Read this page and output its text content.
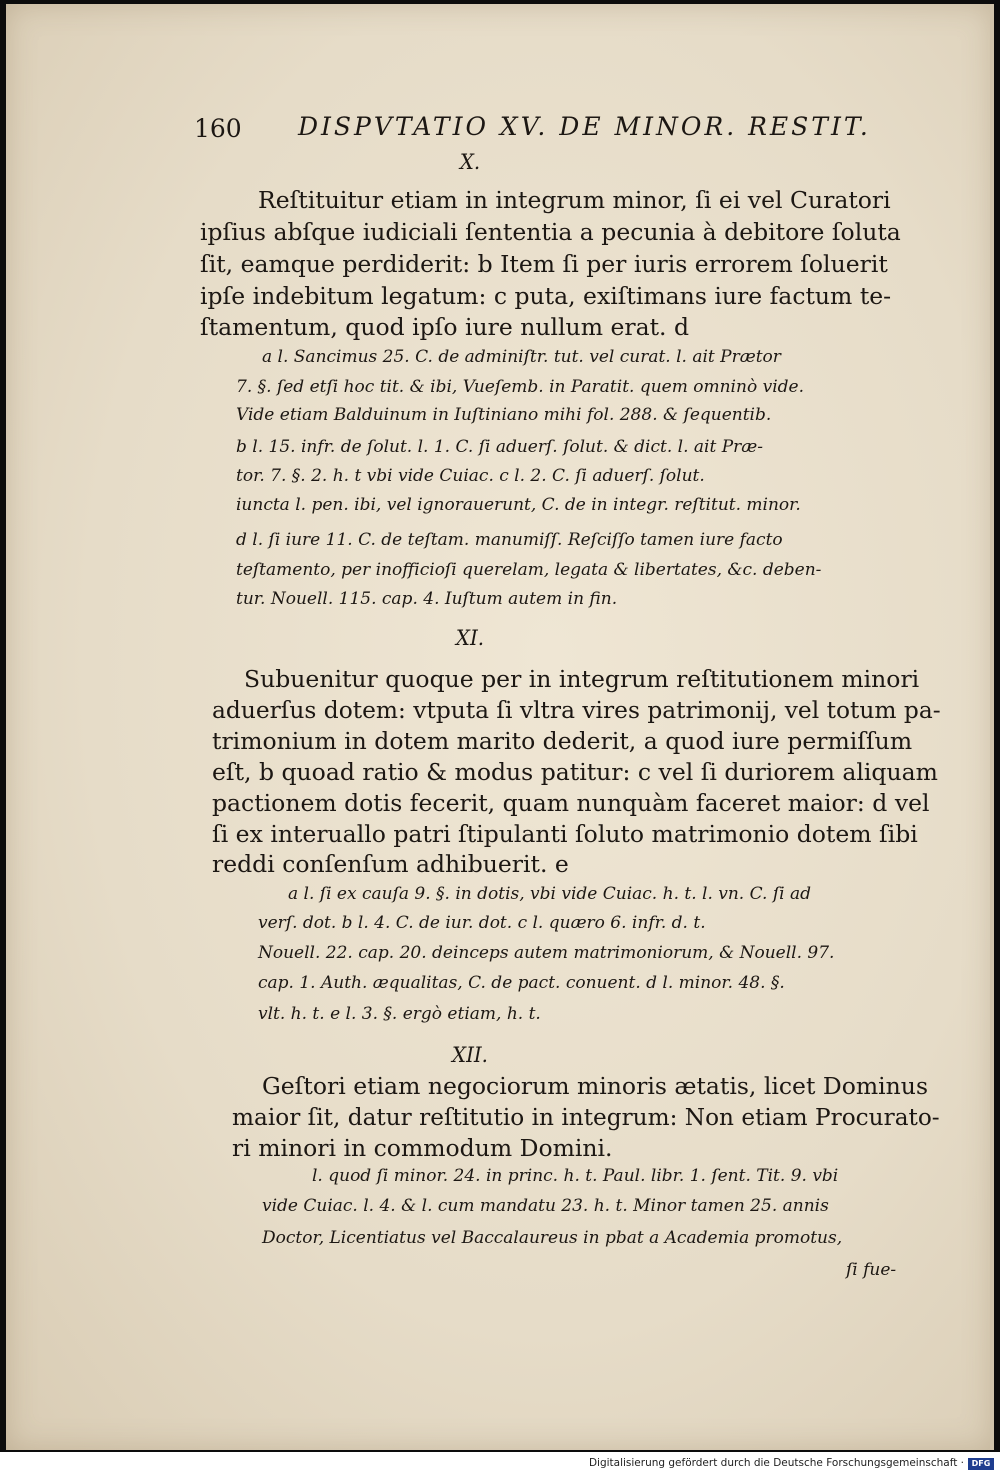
160 DISPVTATIO XV. DE MINOR. RESTIT.

X.

Reſtituitur etiam in integrum minor, ſi ei vel Curatori

ipſius abſque iudiciali ſententia a pecunia à debitore ſoluta

ſit, eamque perdiderit: b Item ſi per iuris errorem ſoluerit

ipſe indebitum legatum: c puta, exiſtimans iure factum te-

ſtamentum, quod ipſo iure nullum erat. d

a l. Sancimus 25. C. de adminiſtr. tut. vel curat. l. ait Prætor

7. §. ſed etſi hoc tit. & ibi, Vueſemb. in Paratit. quem omninò vide.

Vide etiam Balduinum in Iuſtiniano mihi fol. 288. & ſequentib.

b l. 15. infr. de ſolut. l. 1. C. ſi aduerſ. ſolut. & dict. l. ait Præ-

tor. 7. §. 2. h. t vbi vide Cuiac. c l. 2. C. ſi aduerſ. ſolut.

iuncta l. pen. ibi, vel ignorauerunt, C. de in integr. reſtitut. minor.

d l. ſi iure 11. C. de teſtam. manumiſſ. Reſciſſo tamen iure facto

teſtamento, per inofficioſi querelam, legata & libertates, &c. deben-

tur. Nouell. 115. cap. 4. Iuſtum autem in fin.

XI.

Subuenitur quoque per in integrum reſtitutionem minori

aduerſus dotem: vtputa ſi vltra vires patrimonij, vel totum pa-

trimonium in dotem marito dederit, a quod iure permiſſum

eſt, b quoad ratio & modus patitur: c vel ſi duriorem aliquam

pactionem dotis fecerit, quam nunquàm faceret maior: d vel

ſi ex interuallo patri ſtipulanti ſoluto matrimonio dotem ſibi

reddi conſenſum adhibuerit. e

a l. ſi ex cauſa 9. §. in dotis, vbi vide Cuiac. h. t. l. vn. C. ſi ad

verſ. dot. b l. 4. C. de iur. dot. c l. quæro 6. infr. d. t.

Nouell. 22. cap. 20. deinceps autem matrimoniorum, & Nouell. 97.

cap. 1. Auth. æqualitas, C. de pact. conuent. d l. minor. 48. §.

vlt. h. t. e l. 3. §. ergò etiam, h. t.

XII.

Geſtori etiam negociorum minoris ætatis, licet Dominus

maior ſit, datur reſtitutio in integrum: Non etiam Procurato-

ri minori in commodum Domini.

l. quod ſi minor. 24. in princ. h. t. Paul. libr. 1. ſent. Tit. 9. vbi

vide Cuiac. l. 4. & l. cum mandatu 23. h. t. Minor tamen 25. annis

Doctor, Licentiatus vel Baccalaureus in pbat a Academia promotus,

ſi fue-

Digitalisierung gefördert durch die Deutsche Forschungsgemeinschaft · DFG
